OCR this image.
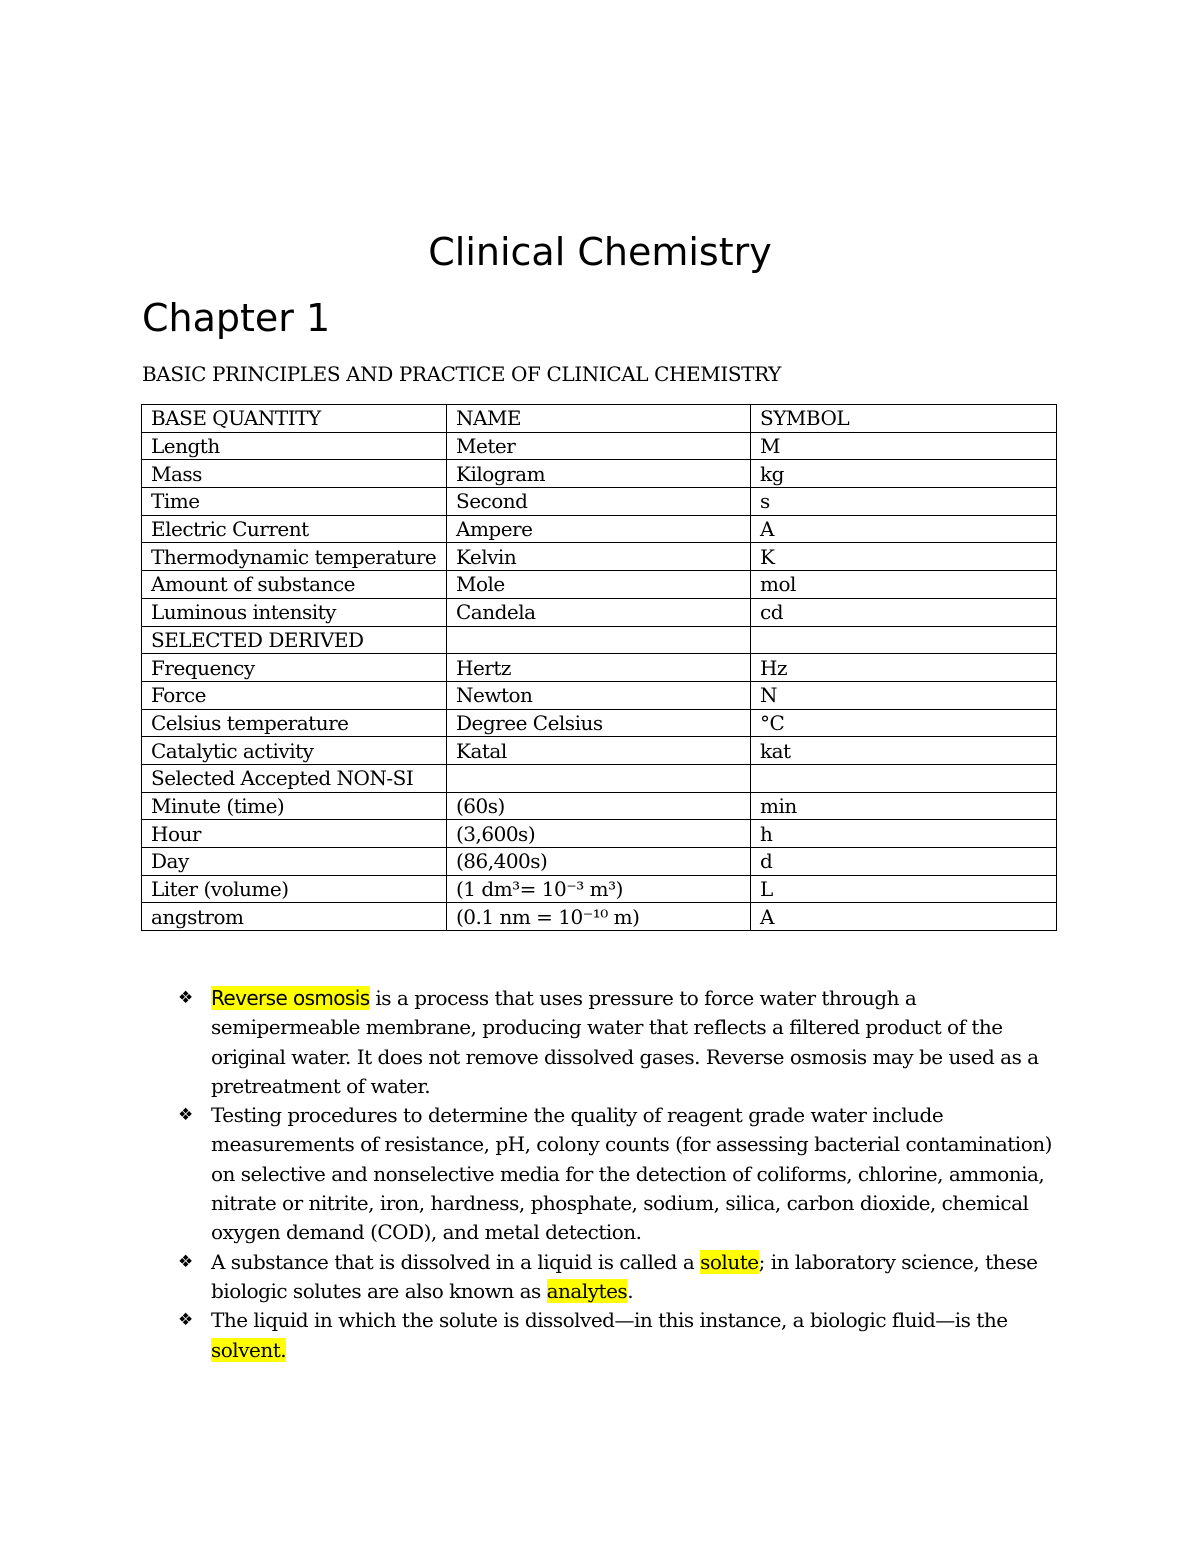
Clinical Chemistry
Chapter 1

BASIC PRINCIPLES AND PRACTICE OF CLINICAL CHEMISTRY

BASE QUANTITY	NAME	SYMBOL
Length	Meter	M
Mass	Kilogram	kg
Time	Second	s
Electric Current	Ampere	A
Thermodynamic temperature	Kelvin	K
Amount of substance	Mole	mol
Luminous intensity	Candela	cd
SELECTED DERIVED		
Frequency	Hertz	Hz
Force	Newton	N
Celsius temperature	Degree Celsius	°C
Catalytic activity	Katal	kat
Selected Accepted NON-SI		
Minute (time)	(60s)	min
Hour	(3,600s)	h
Day	(86,400s)	d
Liter (volume)	(1 dm³= 10⁻³ m³)	L
angstrom	(0.1 nm = 10⁻¹⁰ m)	A
❖ Reverse osmosis is a process that uses pressure to force water through a semipermeable membrane, producing water that reflects a filtered product of the original water. It does not remove dissolved gases. Reverse osmosis may be used as a pretreatment of water.
❖ Testing procedures to determine the quality of reagent grade water include measurements of resistance, pH, colony counts (for assessing bacterial contamination) on selective and nonselective media for the detection of coliforms, chlorine, ammonia, nitrate or nitrite, iron, hardness, phosphate, sodium, silica, carbon dioxide, chemical oxygen demand (COD), and metal detection.
❖ A substance that is dissolved in a liquid is called a solute; in laboratory science, these biologic solutes are also known as analytes.
❖ The liquid in which the solute is dissolved—in this instance, a biologic fluid—is the solvent.
